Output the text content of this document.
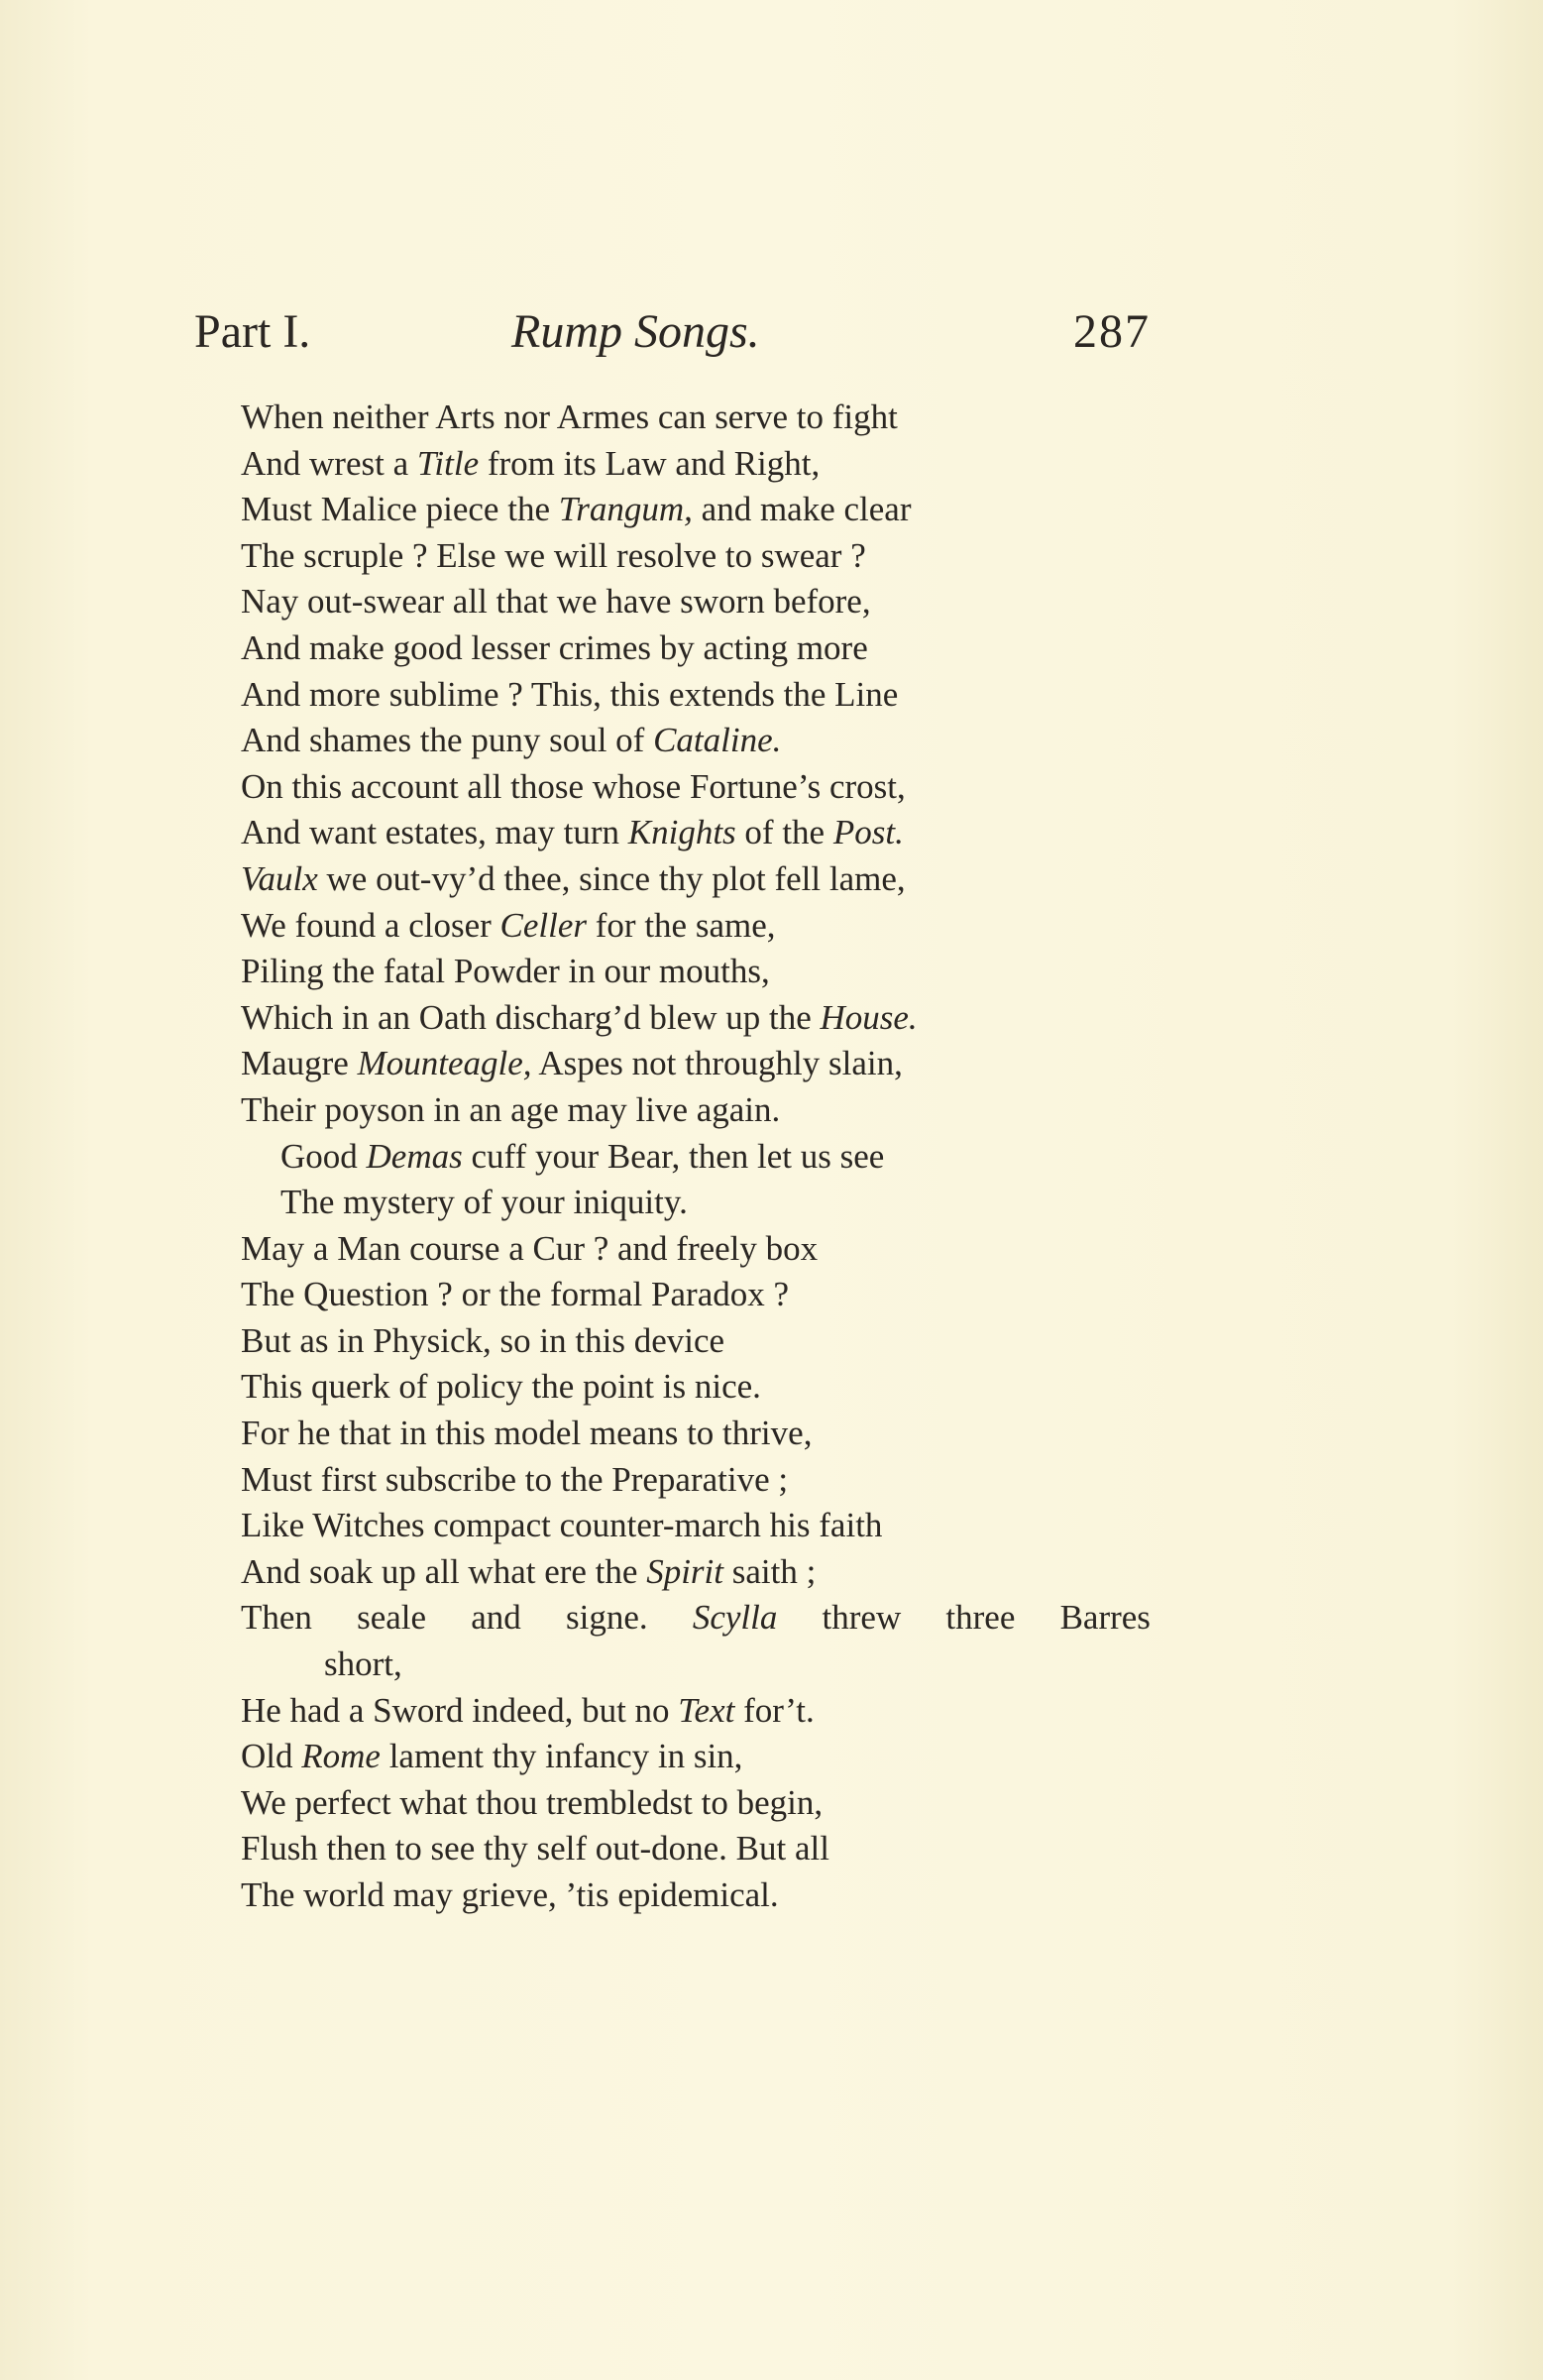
Part I.	Rump Songs.	287
When neither Arts nor Armes can serve to fight
And wrest a Title from its Law and Right,
Must Malice piece the Trangum, and make clear
The scruple ? Else we will resolve to swear ?
Nay out-swear all that we have sworn before,
And make good lesser crimes by acting more
And more sublime ? This, this extends the Line
And shames the puny soul of Cataline.
On this account all those whose Fortune’s crost,
And want estates, may turn Knights of the Post.
Vaulx we out-vy’d thee, since thy plot fell lame,
We found a closer Celler for the same,
Piling the fatal Powder in our mouths,
Which in an Oath discharg’d blew up the House.
Maugre Mounteagle, Aspes not throughly slain,
Their poyson in an age may live again.
Good Demas cuff your Bear, then let us see
The mystery of your iniquity.
May a Man course a Cur ? and freely box
The Question ? or the formal Paradox ?
But as in Physick, so in this device
This querk of policy the point is nice.
For he that in this model means to thrive,
Must first subscribe to the Preparative ;
Like Witches compact counter-march his faith
And soak up all what ere the Spirit saith ;
Then seale and signe. Scylla threw three Barres
short,
He had a Sword indeed, but no Text for’t.
Old Rome lament thy infancy in sin,
We perfect what thou trembledst to begin,
Flush then to see thy self out-done. But all
The world may grieve, ’tis epidemical.
